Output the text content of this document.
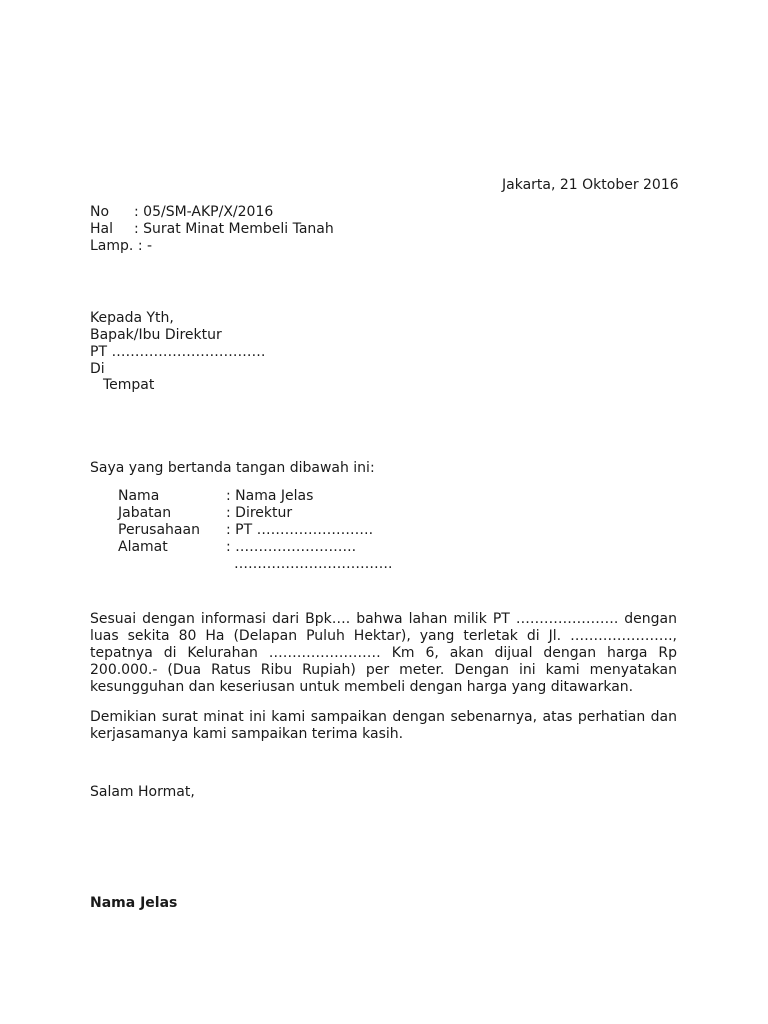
Jakarta, 21 Oktober 2016
No : 05/SM-AKP/X/2016
Hal : Surat Minat Membeli Tanah
Lamp. : -
Kepada Yth,
Bapak/Ibu Direktur
PT ……………………………
Di
Tempat
Saya yang bertanda tangan dibawah ini:
Nama	: Nama Jelas
Jabatan	: Direktur
Perusahaan : PT …………………….
Alamat	: ……………………..
…………………………….
Sesuai dengan informasi dari Bpk…. bahwa lahan milik PT …………………. dengan luas sekita 80 Ha (Delapan Puluh Hektar), yang terletak di Jl. …………………., tepatnya di Kelurahan …………………… Km 6, akan dijual dengan harga Rp 200.000.- (Dua Ratus Ribu Rupiah) per meter. Dengan ini kami menyatakan kesungguhan dan keseriusan untuk membeli dengan harga yang ditawarkan.
Demikian surat minat ini kami sampaikan dengan sebenarnya, atas perhatian dan kerjasamanya kami sampaikan terima kasih.
Salam Hormat,
Nama Jelas
